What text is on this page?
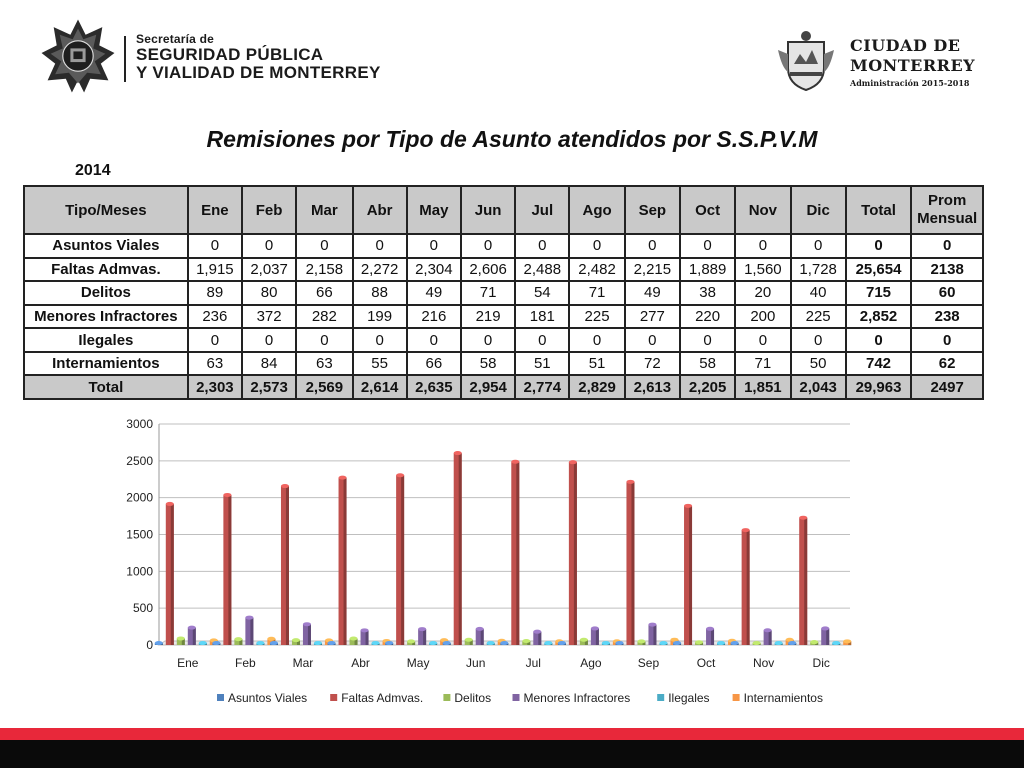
Secretaría de
SEGURIDAD PÚBLICA
Y VIALIDAD DE MONTERREY
CIUDAD DE
MONTERREY
Administración 2015-2018
Remisiones por Tipo de Asunto atendidos por S.S.P.V.M
2014
Tipo/Meses	Ene	Feb	Mar	Abr	May	Jun	Jul	Ago	Sep	Oct	Nov	Dic	Total	Prom Mensual
Asuntos Viales	0	0	0	0	0	0	0	0	0	0	0	0	0	0
Faltas Admvas.	1,915	2,037	2,158	2,272	2,304	2,606	2,488	2,482	2,215	1,889	1,560	1,728	25,654	2138
Delitos	89	80	66	88	49	71	54	71	49	38	20	40	715	60
Menores Infractores	236	372	282	199	216	219	181	225	277	220	200	225	2,852	238
Ilegales	0	0	0	0	0	0	0	0	0	0	0	0	0	0
Internamientos	63	84	63	55	66	58	51	51	72	58	71	50	742	62
Total	2,303	2,573	2,569	2,614	2,635	2,954	2,774	2,829	2,613	2,205	1,851	2,043	29,963	2497
0
500
1000
1500
2000
2500
3000
Ene	Feb	Mar	Abr	May	Jun	Jul	Ago	Sep	Oct	Nov	Dic
Asuntos Viales	Faltas Admvas.	Delitos	Menores Infractores	Ilegales	Internamientos
